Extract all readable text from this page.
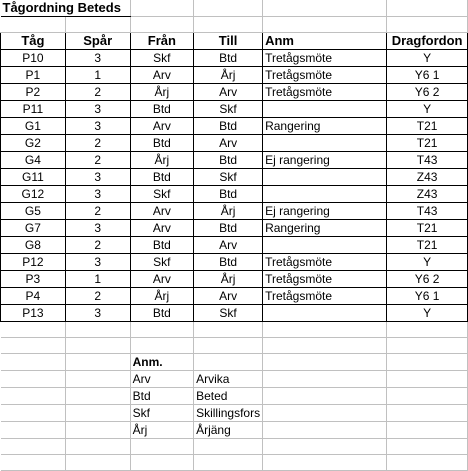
Tågordning Beteds					

Tåg	Spår	Från	Till	Anm	Dragfordon
P10	3	Skf	Btd	Tretågsmöte	Y
P1	1	Arv	Årj	Tretågsmöte	Y6 1
P2	2	Årj	Arv	Tretågsmöte	Y6 2
P11	3	Btd	Skf		Y
G1	3	Arv	Btd	Rangering	T21
G2	2	Btd	Arv		T21
G4	2	Årj	Btd	Ej rangering	T43
G11	3	Btd	Skf		Z43
G12	3	Skf	Btd		Z43
G5	2	Arv	Årj	Ej rangering	T43
G7	3	Arv	Btd	Rangering	T21
G8	2	Btd	Arv		T21
P12	3	Skf	Btd	Tretågsmöte	Y
P3	1	Arv	Årj	Tretågsmöte	Y6 2
P4	2	Årj	Arv	Tretågsmöte	Y6 1
P13	3	Btd	Skf		Y

		Anm.			
		Arv	Arvika		
		Btd	Beted		
		Skf	Skillingsfors		
		Årj	Årjäng		
